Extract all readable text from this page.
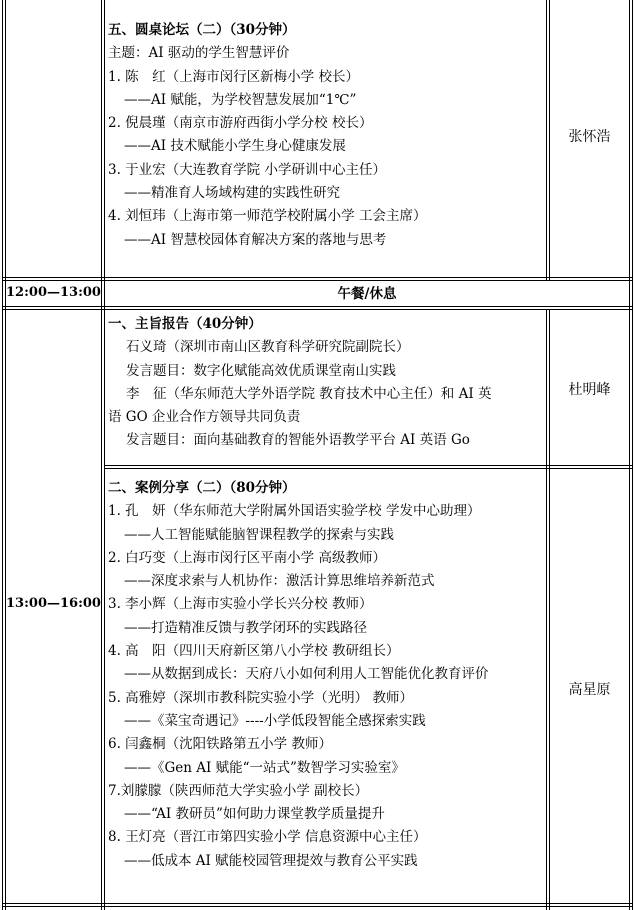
五、圆桌论坛（二）（30分钟）
主题：AI 驱动的学生智慧评价
1. 陈　红（上海市闵行区新梅小学 校长）
——AI 赋能，为学校智慧发展加“1℃”
2. 倪晨瑾（南京市游府西街小学分校 校长）
——AI 技术赋能小学生身心健康发展
3. 于业宏（大连教育学院 小学研训中心主任）
——精准育人场域构建的实践性研究
4. 刘恒玮（上海市第一师范学校附属小学 工会主席）
——AI 智慧校园体育解决方案的落地与思考
张怀浩
12:00—13:00	午餐/休息
13:00—16:00
一、主旨报告（40分钟）
石义琦（深圳市南山区教育科学研究院副院长）
发言题目：数字化赋能高效优质课堂南山实践
李　征（华东师范大学外语学院 教育技术中心主任）和 AI 英
语 GO 企业合作方领导共同负责
发言题目：面向基础教育的智能外语教学平台 AI 英语 Go
杜明峰
二、案例分享（二）（80分钟）
1. 孔　妍（华东师范大学附属外国语实验学校 学发中心助理）
——人工智能赋能脑智课程教学的探索与实践
2. 白巧变（上海市闵行区平南小学 高级教师）
——深度求索与人机协作：激活计算思维培养新范式
3. 李小辉（上海市实验小学长兴分校 教师）
——打造精准反馈与教学闭环的实践路径
4. 高　阳（四川天府新区第八小学校 教研组长）
——从数据到成长：天府八小如何利用人工智能优化教育评价
5. 高雅婷（深圳市教科院实验小学（光明） 教师）
——《菜宝奇遇记》----小学低段智能全感探索实践
6. 闫鑫桐（沈阳铁路第五小学 教师）
——《Gen AI 赋能“一站式”数智学习实验室》
7.刘朦朦（陕西师范大学实验小学 副校长）
——“AI 教研员”如何助力课堂教学质量提升
8. 王灯亮（晋江市第四实验小学 信息资源中心主任）
——低成本 AI 赋能校园管理提效与教育公平实践
高星原
